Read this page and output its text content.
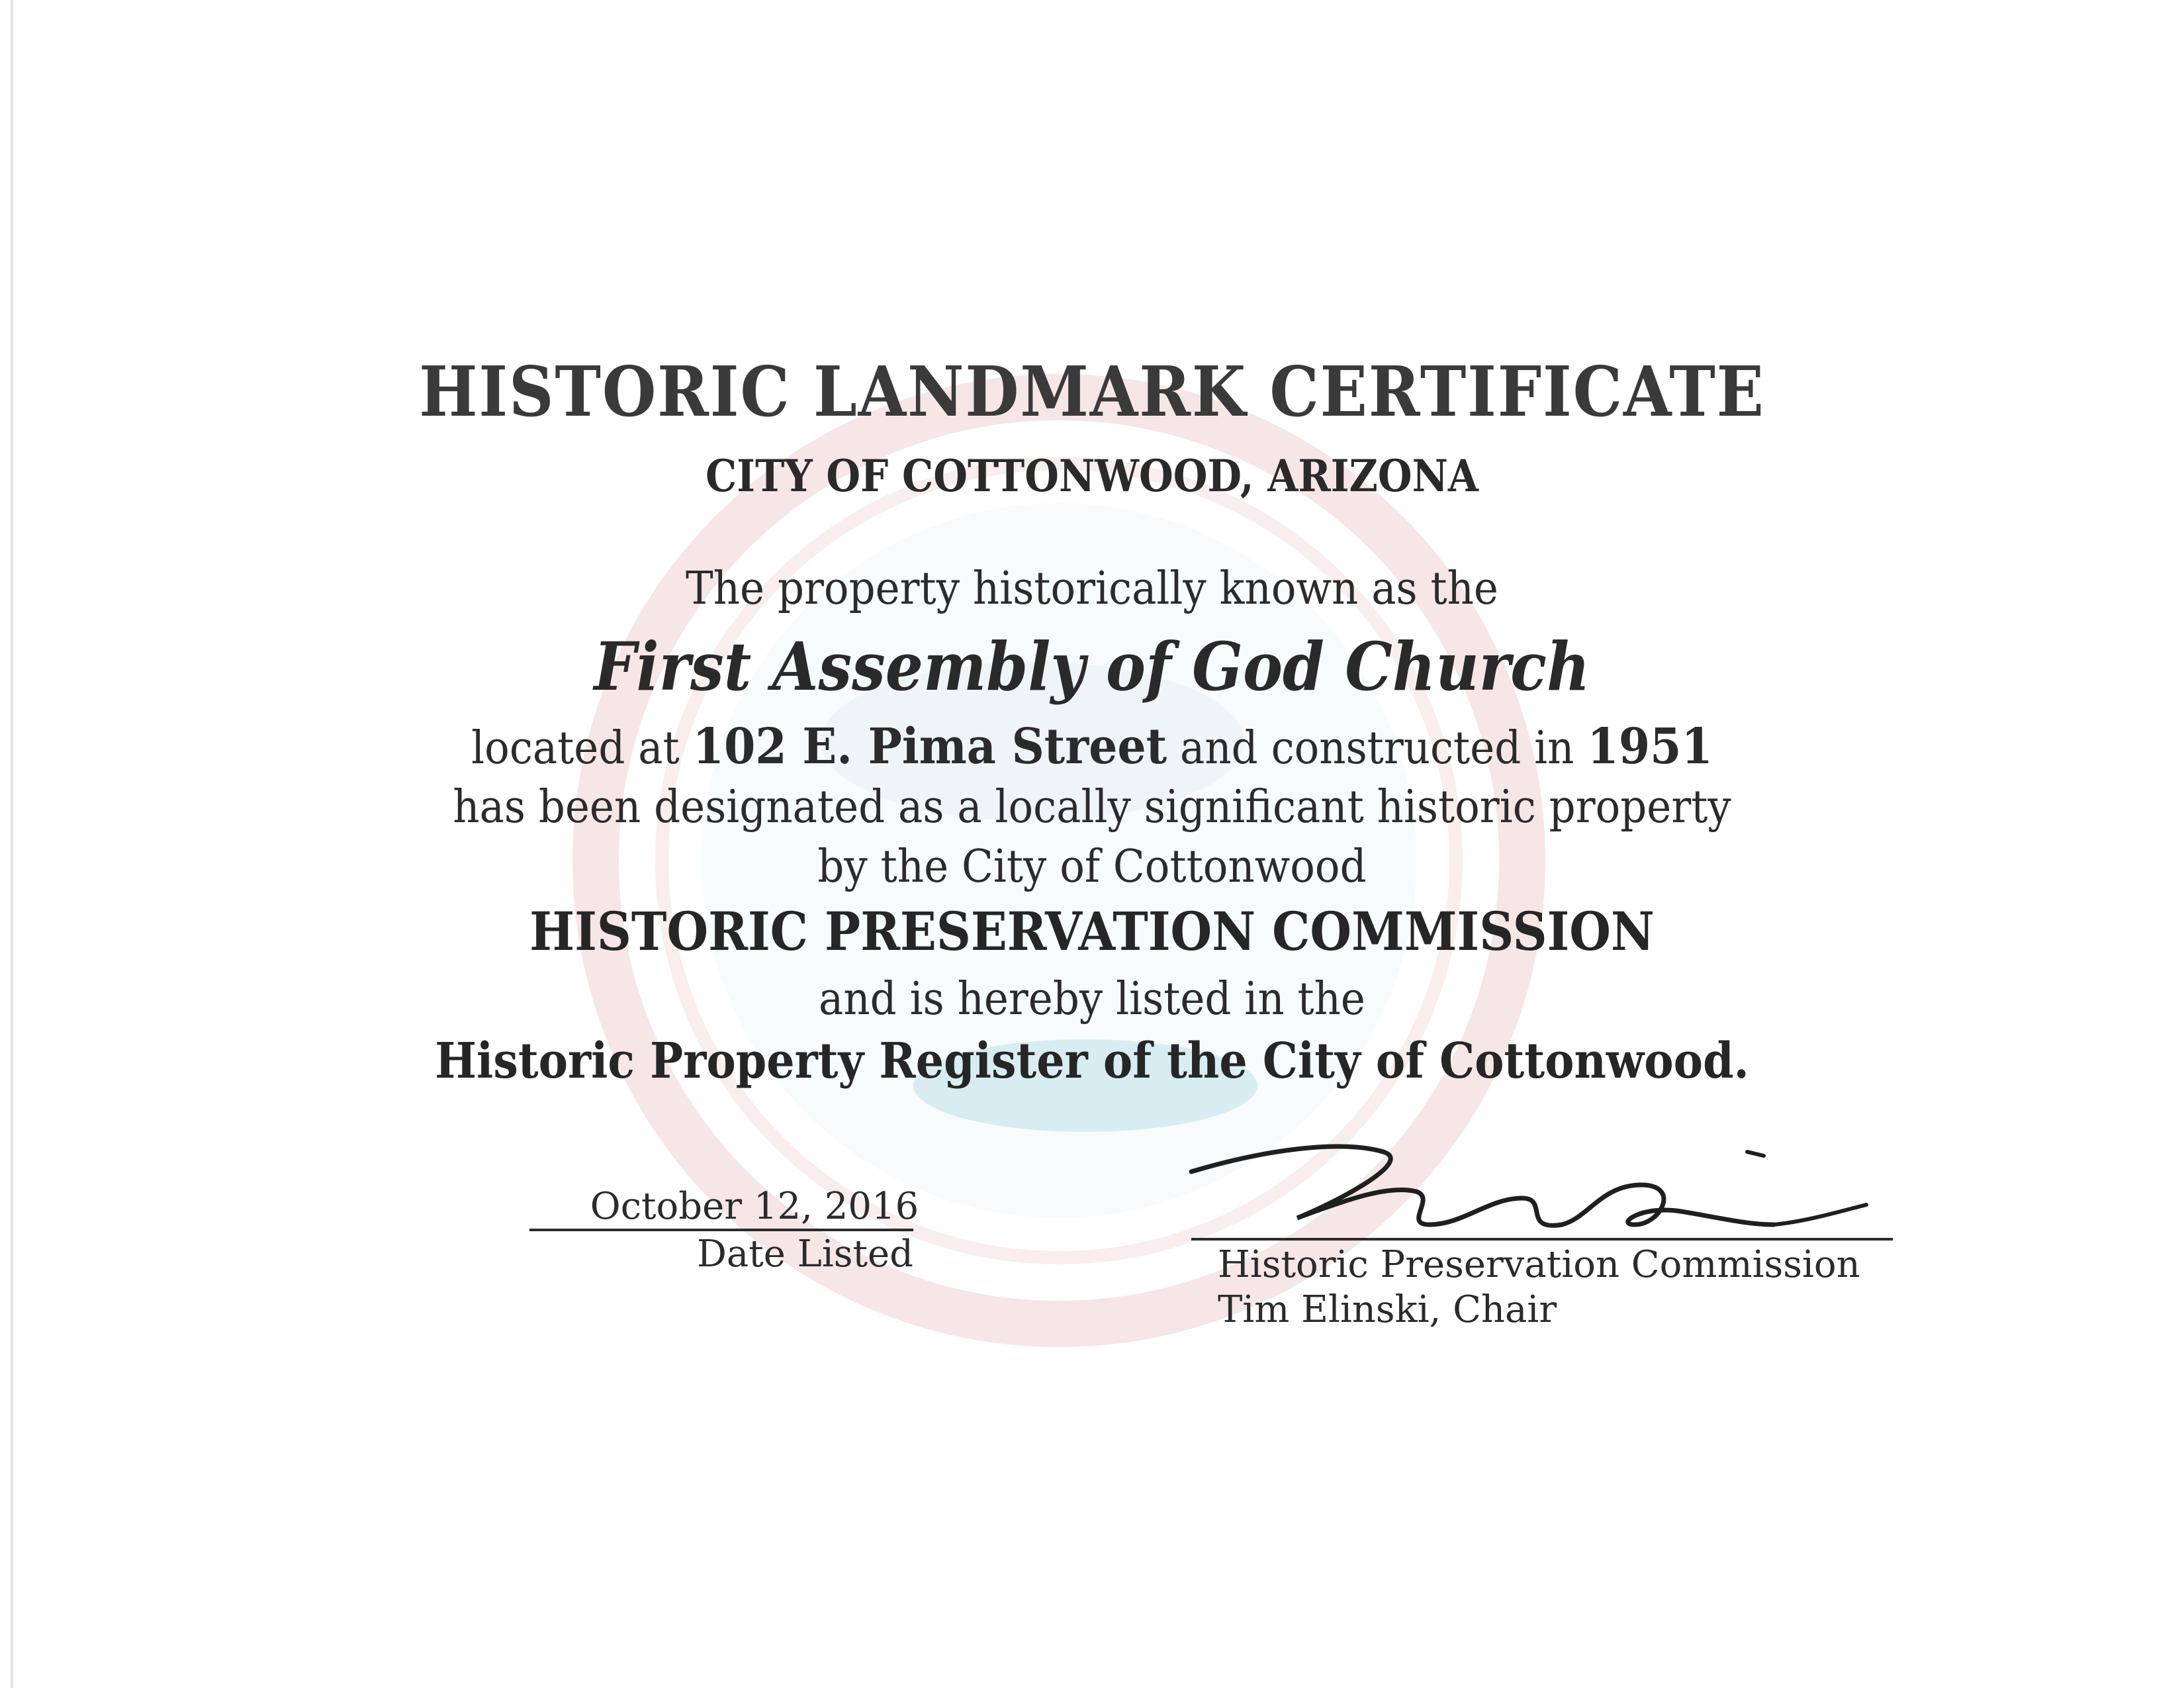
HISTORIC LANDMARK CERTIFICATE
CITY OF COTTONWOOD, ARIZONA
The property historically known as the
First Assembly of God Church
located at 102 E. Pima Street and constructed in 1951
has been designated as a locally significant historic property
by the City of Cottonwood
HISTORIC PRESERVATION COMMISSION
and is hereby listed in the
Historic Property Register of the City of Cottonwood.
October 12, 2016
Date Listed	Historic Preservation Commission
Tim Elinski, Chair
